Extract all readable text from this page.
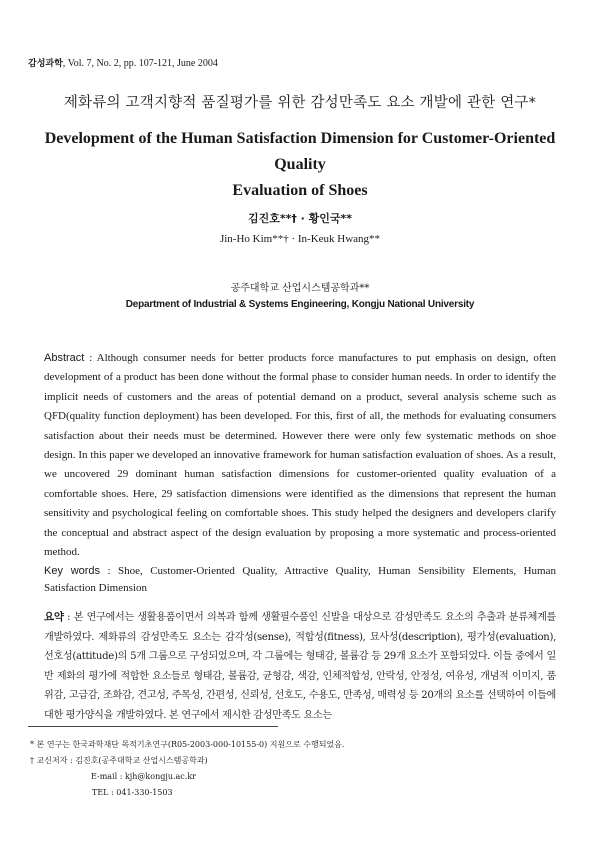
감성과학, Vol. 7, No. 2, pp. 107-121, June 2004
제화류의 고객지향적 품질평가를 위한 감성만족도 요소 개발에 관한 연구*
Development of the Human Satisfaction Dimension for Customer-Oriented Quality
Evaluation of Shoes
김진호**† · 황인국**
Jin-Ho Kim**† · In-Keuk Hwang**
공주대학교 산업시스템공학과**
Department of Industrial & Systems Engineering, Kongju National University

Abstract : Although consumer needs for better products force manufactures to put emphasis on design, often development of a product has been done without the formal phase to consider human needs. In order to identify the implicit needs of customers and the areas of potential demand on a product, several analysis scheme such as QFD(quality function deployment) has been developed. For this, first of all, the methods for evaluating consumers satisfaction about their needs must be determined. However there were only few systematic methods on shoe design. In this paper we developed an innovative framework for human satisfaction evaluation of shoes. As a result, we uncovered 29 dominant human satisfaction dimensions for customer-oriented quality evaluation of a comfortable shoes. Here, 29 satisfaction dimensions were identified as the dimensions that represent the human sensitivity and psychological feeling on comfortable shoes. This study helped the designers and developers clarify the conceptual and abstract aspect of the design evaluation by proposing a more systematic and process-oriented method.

Key words : Shoe, Customer-Oriented Quality, Attractive Quality, Human Sensibility Elements, Human Satisfaction Dimension

요약 : 본 연구에서는 생활용품이면서 의복과 함께 생활필수품인 신발을 대상으로 감성만족도 요소의 추출과 분류체계를 개발하였다. 제화류의 감성만족도 요소는 감각성(sense), 적합성(fitness), 묘사성(description), 평가성(evaluation), 선호성(attitude)의 5개 그룹으로 구성되었으며, 각 그룹에는 형태감, 볼륨감 등 29개 요소가 포함되었다. 이들 중에서 일반 제화의 평가에 적합한 요소들로 형태감, 볼륨감, 균형감, 색감, 인체적합성, 안락성, 안정성, 여유성, 개념적 이미지, 품위감, 고급감, 조화감, 견고성, 주목성, 간편성, 신뢰성, 선호도, 수용도, 만족성, 매력성 등 20개의 요소를 선택하여 이들에 대한 평가양식을 개발하였다. 본 연구에서 제시한 감성만족도 요소는

* 본 연구는 한국과학재단 목적기초연구(R05-2003-000-10155-0) 지원으로 수행되었음.
† 교신저자 : 김진호(공주대학교 산업시스템공학과)
E-mail : kjh@kongju.ac.kr
TEL : 041-330-1503
